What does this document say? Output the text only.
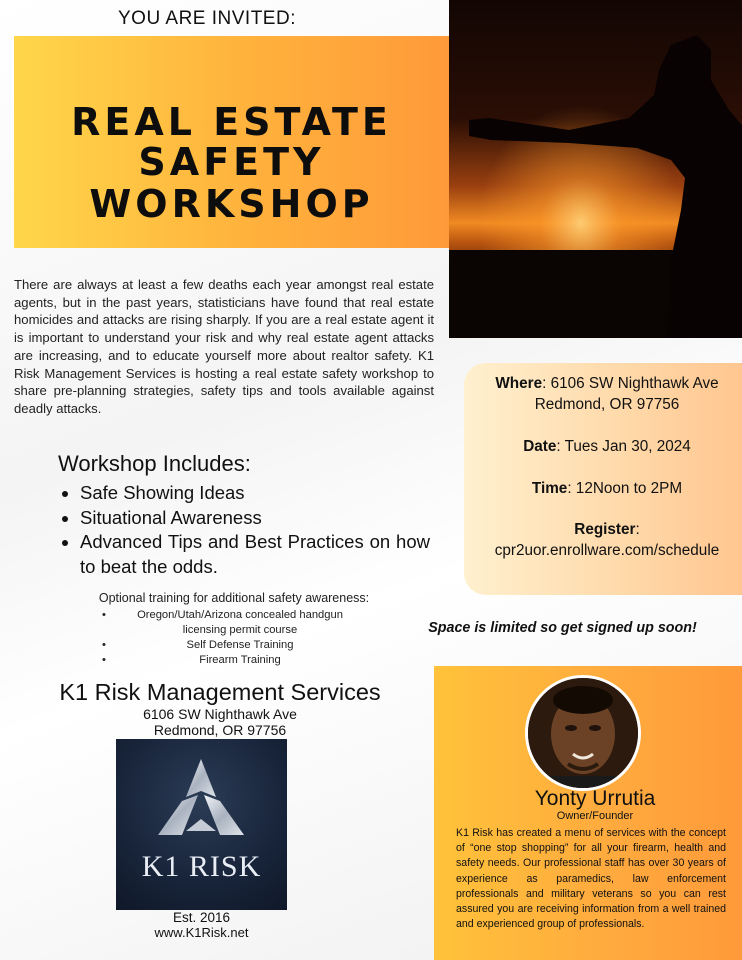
YOU ARE INVITED:
REAL ESTATE
SAFETY
WORKSHOP
There are always at least a few deaths each year amongst real estate agents, but in the past years, statisticians have found that real estate homicides and attacks are rising sharply. If you are a real estate agent it is important to understand your risk and why real estate agent attacks are increasing, and to educate yourself more about realtor safety. K1 Risk Management Services is hosting a real estate safety workshop to share pre-planning strategies, safety tips and tools available against deadly attacks.
Workshop Includes:
• Safe Showing Ideas
• Situational Awareness
• Advanced Tips and Best Practices on how to beat the odds.
Optional training for additional safety awareness:
• Oregon/Utah/Arizona concealed handgun licensing permit course
• Self Defense Training
• Firearm Training
K1 Risk Management Services
6106 SW Nighthawk Ave
Redmond, OR 97756
K1 RISK
Est. 2016
www.K1Risk.net
Where: 6106 SW Nighthawk Ave
Redmond, OR 97756
Date: Tues Jan 30, 2024
Time: 12Noon to 2PM
Register:
cpr2uor.enrollware.com/schedule
Space is limited so get signed up soon!
Yonty Urrutia
Owner/Founder
K1 Risk has created a menu of services with the concept of “one stop shopping” for all your firearm, health and safety needs. Our professional staff has over 30 years of experience as paramedics, law enforcement professionals and military veterans so you can rest assured you are receiving information from a well trained and experienced group of professionals.
